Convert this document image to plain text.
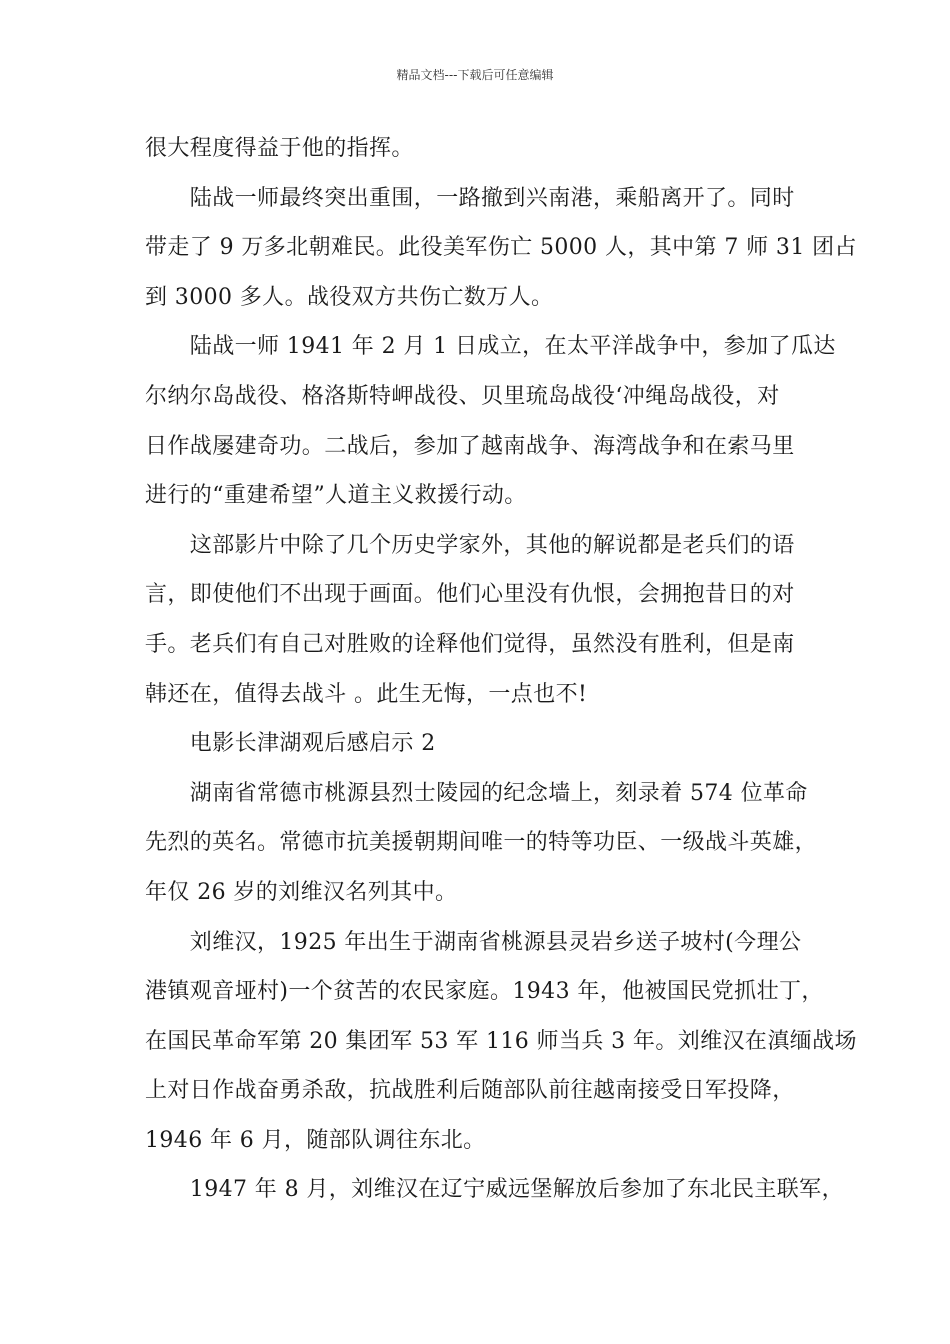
精品文档---下载后可任意编辑
很大程度得益于他的指挥。
　　陆战一师最终突出重围，一路撤到兴南港，乘船离开了。同时
带走了 9 万多北朝难民。此役美军伤亡 5000 人，其中第 7 师 31 团占
到 3000 多人。战役双方共伤亡数万人。
　　陆战一师 1941 年 2 月 1 日成立，在太平洋战争中，参加了瓜达
尔纳尔岛战役、格洛斯特岬战役、贝里琉岛战役‘冲绳岛战役，对
日作战屡建奇功。二战后，参加了越南战争、海湾战争和在索马里
进行的“重建希望”人道主义救援行动。
　　这部影片中除了几个历史学家外，其他的解说都是老兵们的语
言，即使他们不出现于画面。他们心里没有仇恨，会拥抱昔日的对
手。老兵们有自己对胜败的诠释他们觉得，虽然没有胜利，但是南
韩还在，值得去战斗 。此生无悔，一点也不!
　　电影长津湖观后感启示 2
　　湖南省常德市桃源县烈士陵园的纪念墙上，刻录着 574 位革命
先烈的英名。常德市抗美援朝期间唯一的特等功臣、一级战斗英雄，
年仅 26 岁的刘维汉名列其中。
　　刘维汉，1925 年出生于湖南省桃源县灵岩乡送子坡村(今理公
港镇观音垭村)一个贫苦的农民家庭。1943 年，他被国民党抓壮丁，
在国民革命军第 20 集团军 53 军 116 师当兵 3 年。刘维汉在滇缅战场
上对日作战奋勇杀敌，抗战胜利后随部队前往越南接受日军投降，
1946 年 6 月，随部队调往东北。
　　1947 年 8 月，刘维汉在辽宁威远堡解放后参加了东北民主联军，
